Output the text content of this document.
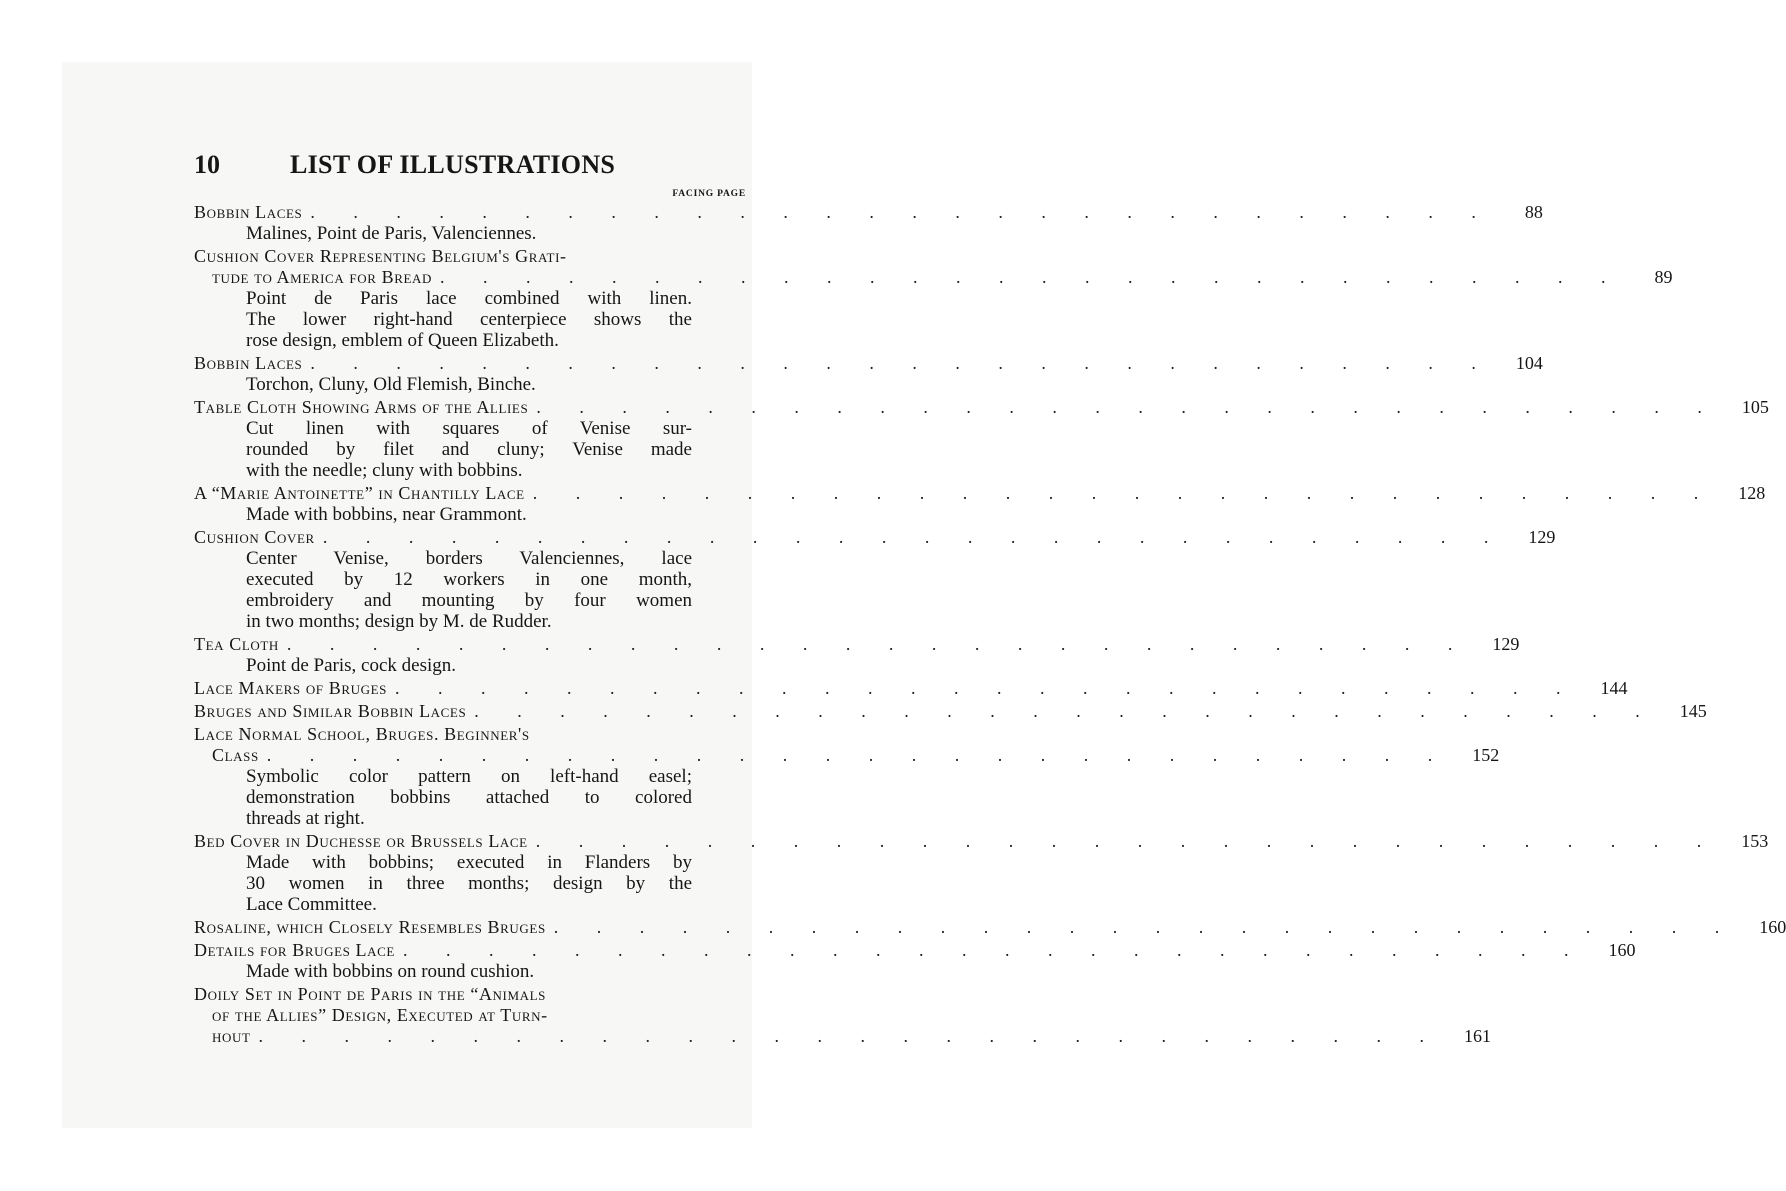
10	LIST OF ILLUSTRATIONS
FACING PAGE
Bobbin Laces . . . . . . . . . . . . . . . . . . . . . . . . . . . .	88
Malines, Point de Paris, Valenciennes.
Cushion Cover Representing Belgium's Grati-
tude to America for Bread . . . . . . . . . . . . . . . . . . . . . . . . . . . .	89
Point de Paris lace combined with linen.
The lower right-hand centerpiece shows the
rose design, emblem of Queen Elizabeth.
Bobbin Laces . . . . . . . . . . . . . . . . . . . . . . . . . . . .	104
Torchon, Cluny, Old Flemish, Binche.
Table Cloth Showing Arms of the Allies . . . . . . . . . . . . . . . . . . . . . . . . . . . .	105
Cut linen with squares of Venise sur-
rounded by filet and cluny; Venise made
with the needle; cluny with bobbins.
A “Marie Antoinette” in Chantilly Lace . . . . . . . . . . . . . . . . . . . . . . . . . . . .	128
Made with bobbins, near Grammont.
Cushion Cover . . . . . . . . . . . . . . . . . . . . . . . . . . . .	129
Center Venise, borders Valenciennes, lace
executed by 12 workers in one month,
embroidery and mounting by four women
in two months; design by M. de Rudder.
Tea Cloth . . . . . . . . . . . . . . . . . . . . . . . . . . . .	129
Point de Paris, cock design.
Lace Makers of Bruges . . . . . . . . . . . . . . . . . . . . . . . . . . . .	144
Bruges and Similar Bobbin Laces . . . . . . . . . . . . . . . . . . . . . . . . . . . .	145
Lace Normal School, Bruges. Beginner's
Class . . . . . . . . . . . . . . . . . . . . . . . . . . . .	152
Symbolic color pattern on left-hand easel;
demonstration bobbins attached to colored
threads at right.
Bed Cover in Duchesse or Brussels Lace . . . . . . . . . . . . . . . . . . . . . . . . . . . .	153
Made with bobbins; executed in Flanders by
30 women in three months; design by the
Lace Committee.
Rosaline, which Closely Resembles Bruges . . . . . . . . . . . . . . . . . . . . . . . . . . . .	160
Details for Bruges Lace . . . . . . . . . . . . . . . . . . . . . . . . . . . .	160
Made with bobbins on round cushion.
Doily Set in Point de Paris in the “Animals
of the Allies” Design, Executed at Turn-
hout . . . . . . . . . . . . . . . . . . . . . . . . . . . .	161
